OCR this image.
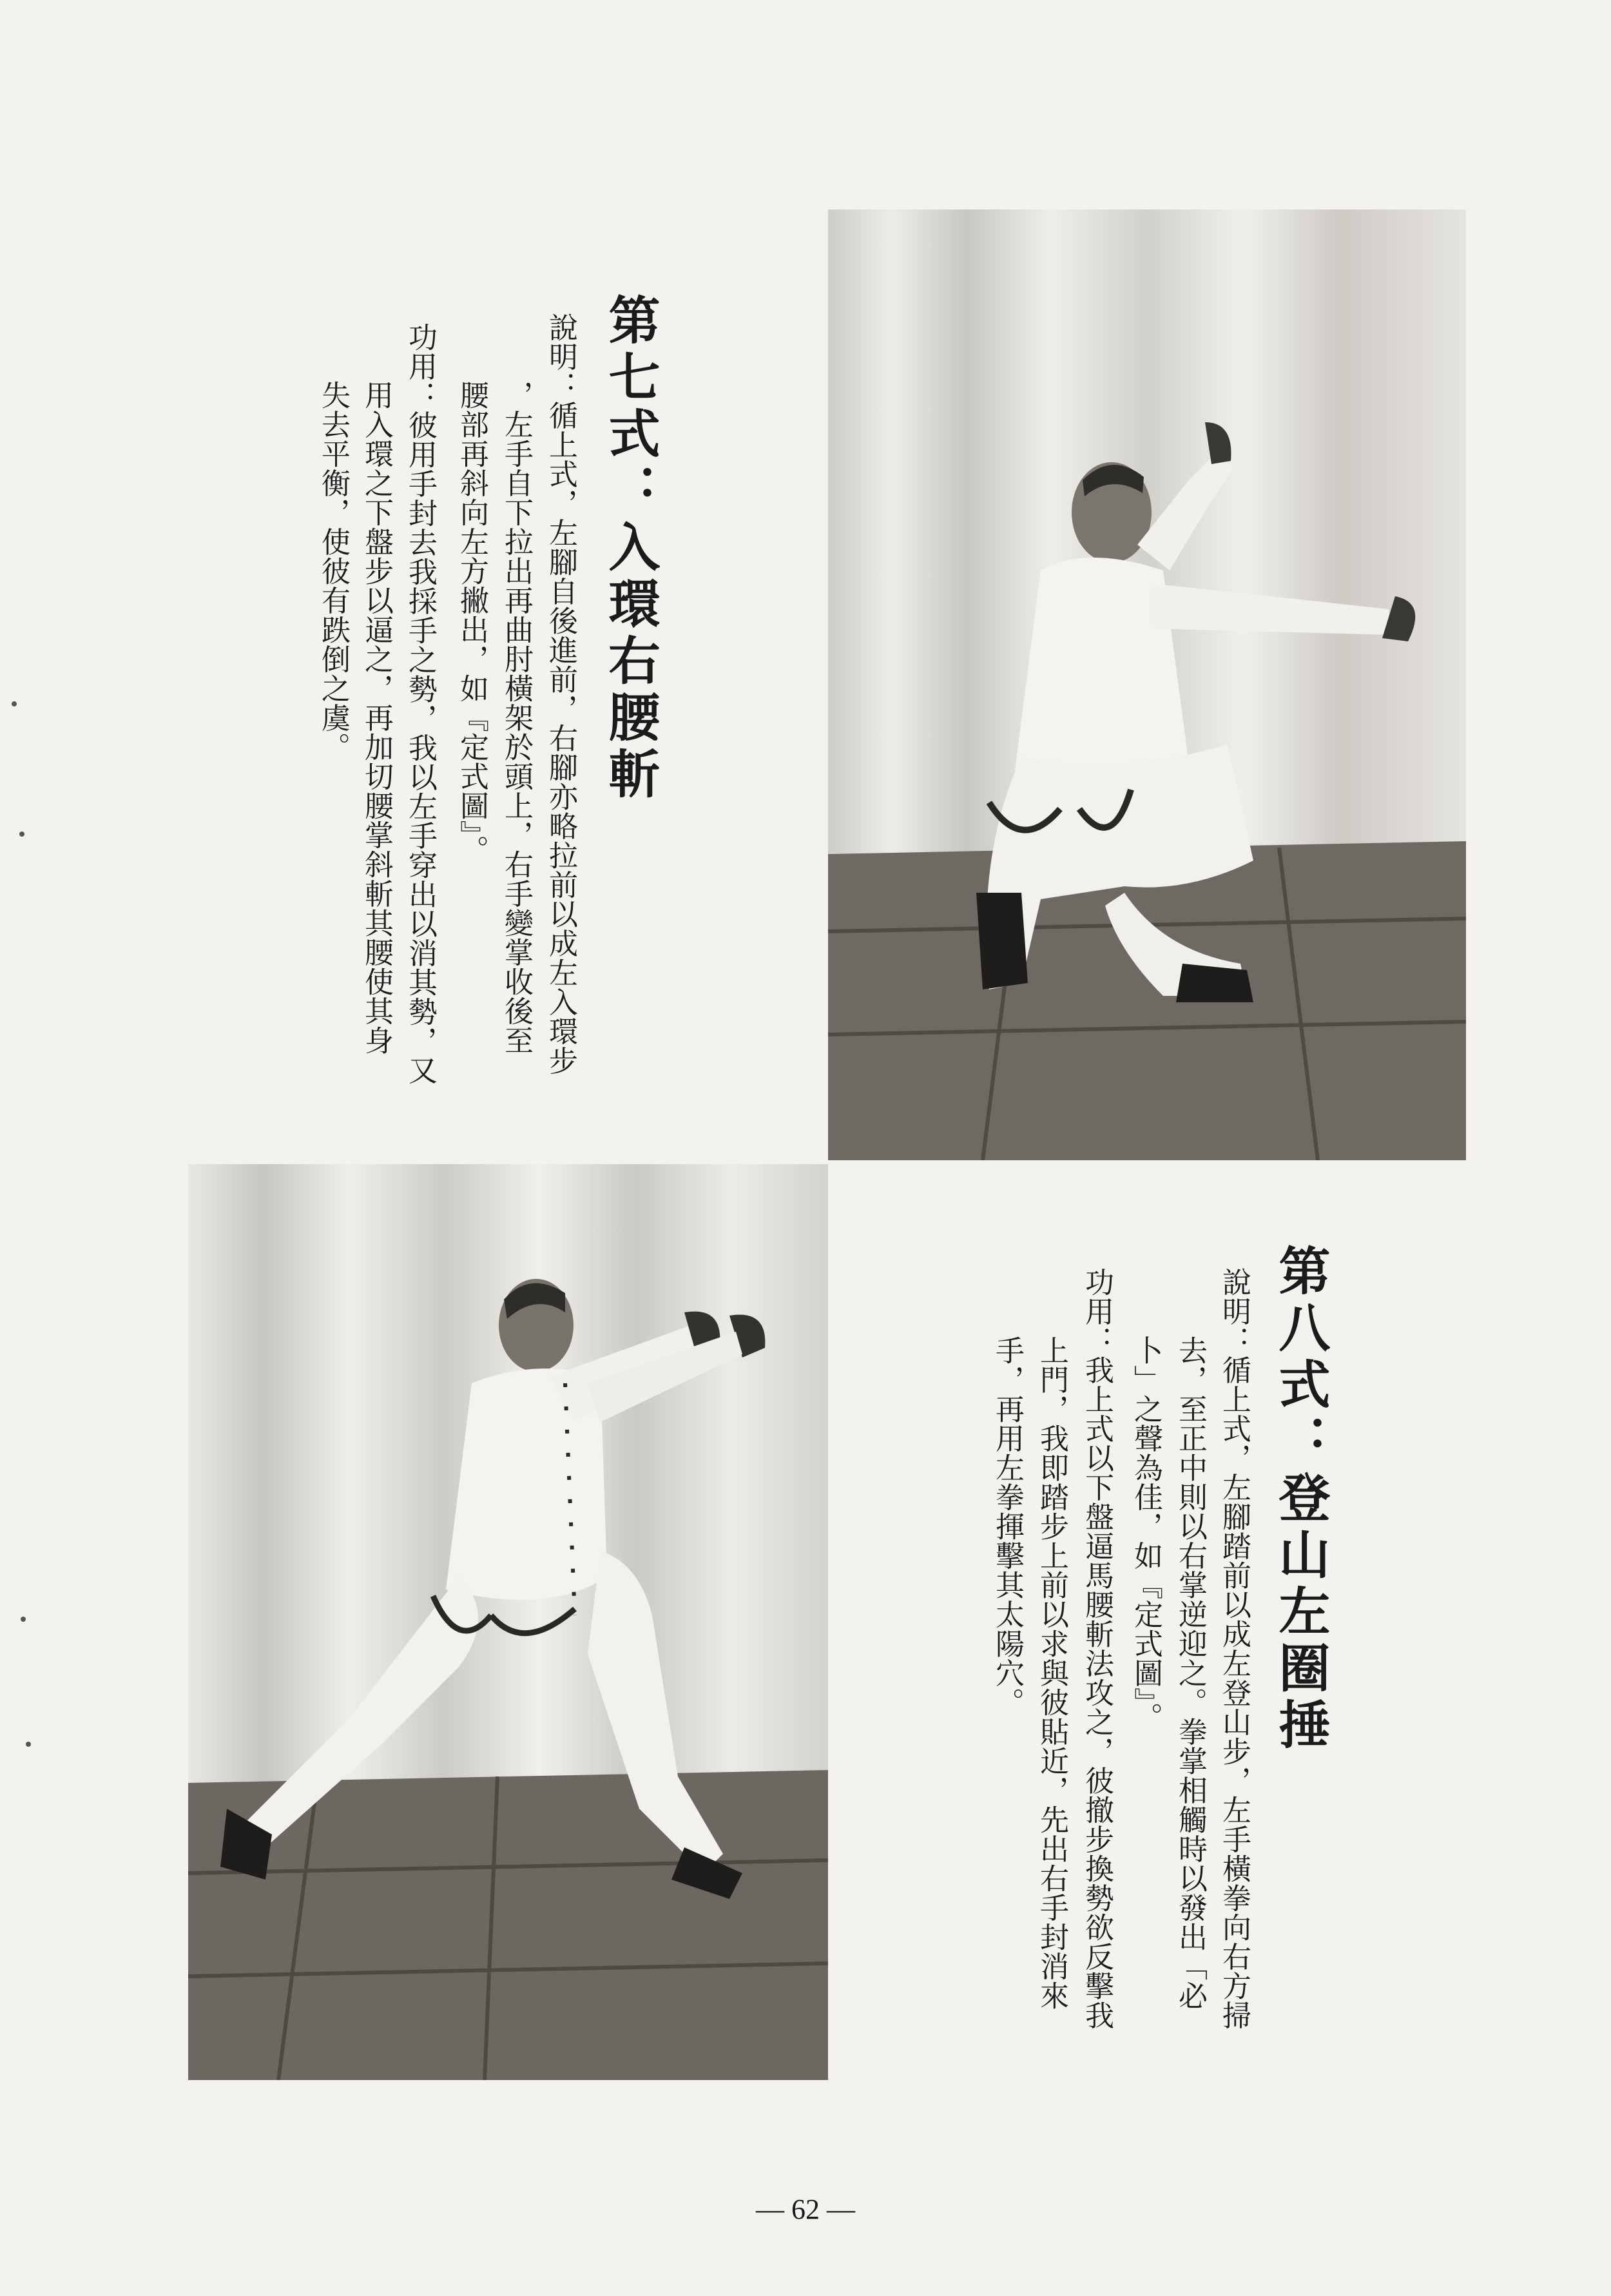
第七式：入環右腰斬
說明：循上式，左腳自後進前，右腳亦略拉前以成左入環步
，左手自下拉出再曲肘橫架於頭上，右手變掌收後至
腰部再斜向左方撇出，如『定式圖』。
功用：彼用手封去我採手之勢，我以左手穿出以消其勢，又
用入環之下盤步以逼之，再加切腰掌斜斬其腰使其身
失去平衡，使彼有跌倒之虞。
第八式：登山左圈捶
說明：循上式，左腳踏前以成左登山步，左手橫拳向右方掃
去，至正中則以右掌逆迎之。拳掌相觸時以發出「必
卜」之聲為佳，如『定式圖』。
功用：我上式以下盤逼馬腰斬法攻之，彼撤步換勢欲反擊我
上門，我即踏步上前以求與彼貼近，先出右手封消來
手，再用左拳揮擊其太陽穴。
— 62 —
